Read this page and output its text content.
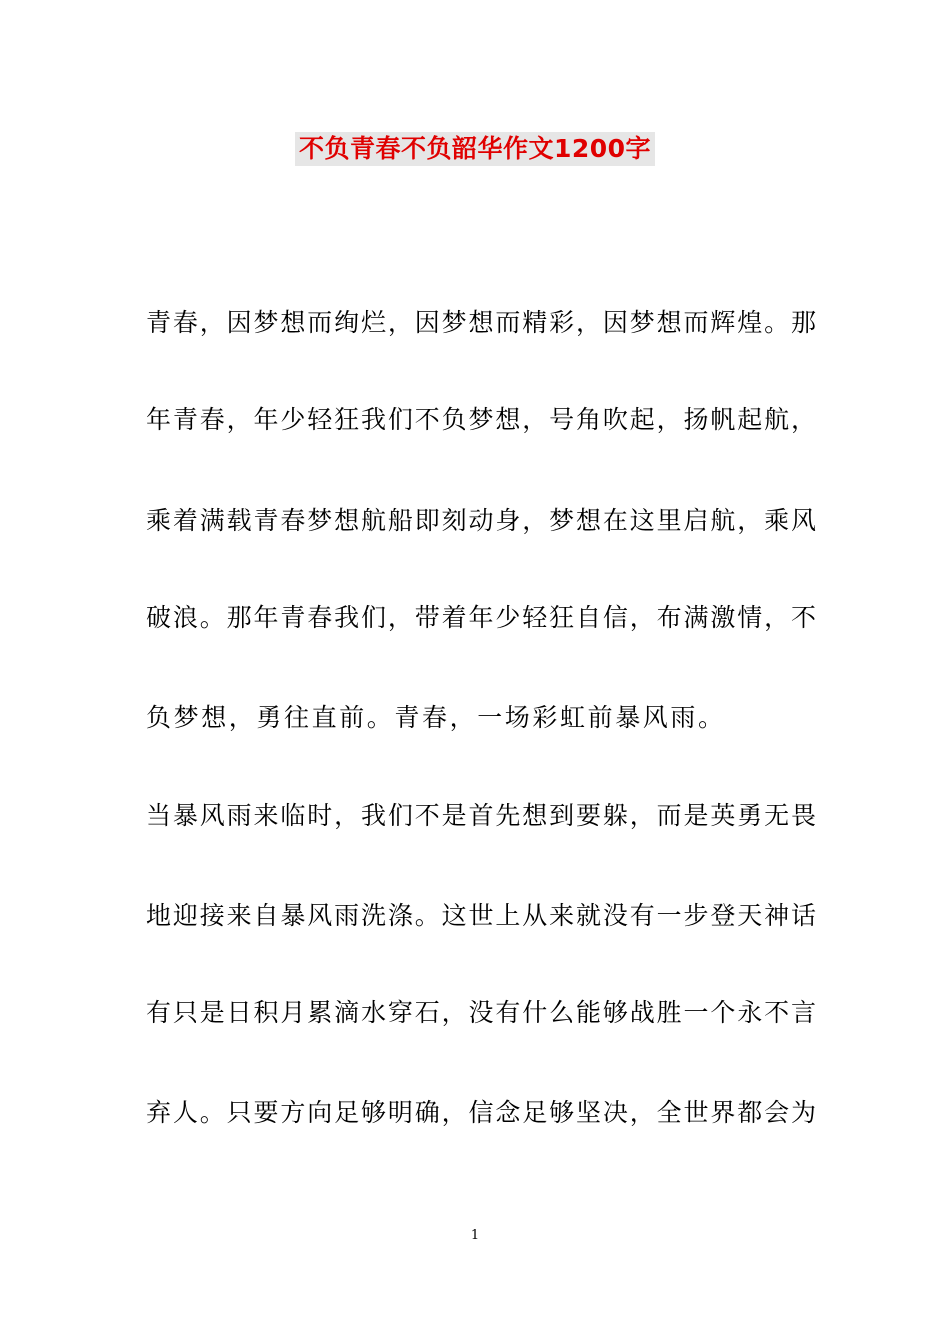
不负青春不负韶华作文1200字
青春，因梦想而绚烂，因梦想而精彩，因梦想而辉煌。那
年青春，年少轻狂我们不负梦想，号角吹起，扬帆起航，
乘着满载青春梦想航船即刻动身，梦想在这里启航，乘风
破浪。那年青春我们，带着年少轻狂自信，布满激情，不
负梦想，勇往直前。青春，一场彩虹前暴风雨。
当暴风雨来临时，我们不是首先想到要躲，而是英勇无畏
地迎接来自暴风雨洗涤。这世上从来就没有一步登天神话
有只是日积月累滴水穿石，没有什么能够战胜一个永不言
弃人。只要方向足够明确，信念足够坚决，全世界都会为
1
